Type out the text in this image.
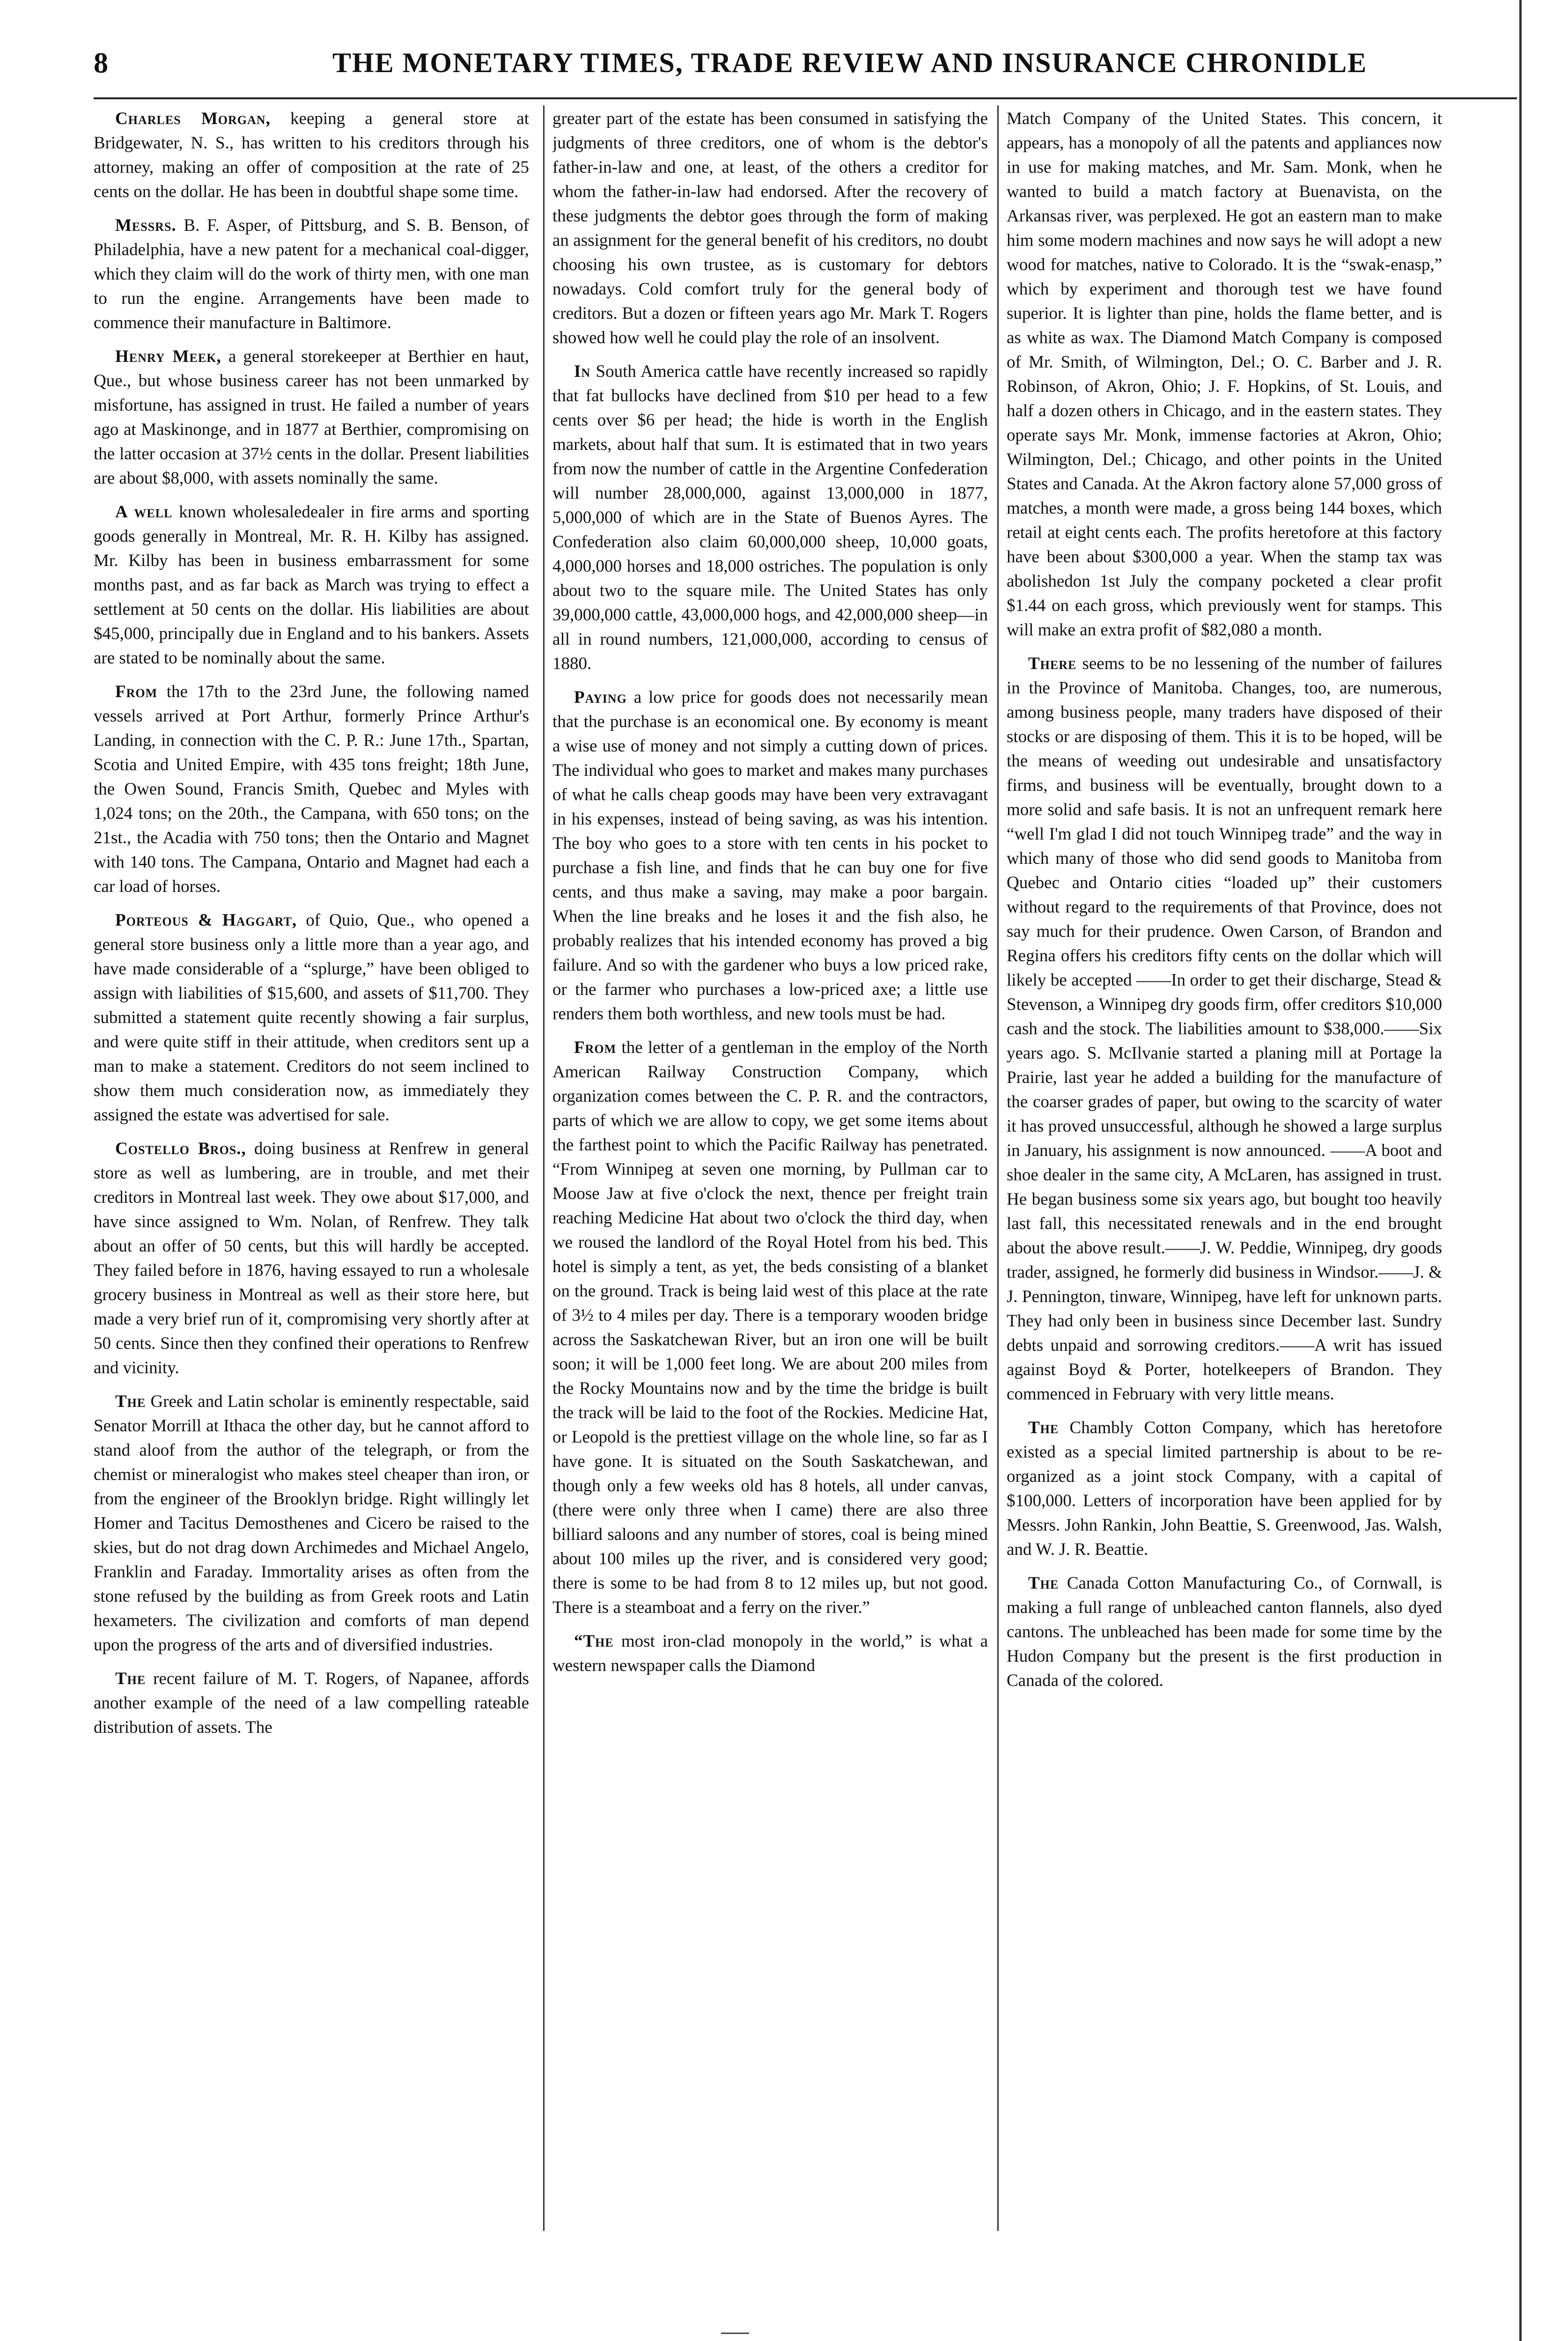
8	THE MONETARY TIMES, TRADE REVIEW AND INSURANCE CHRONIDLE

Charles Morgan, keeping a general store at Bridgewater, N. S., has written to his creditors through his attorney, making an offer of composition at the rate of 25 cents on the dollar. He has been in doubtful shape some time.

Messrs. B. F. Asper, of Pittsburg, and S. B. Benson, of Philadelphia, have a new patent for a mechanical coal-digger, which they claim will do the work of thirty men, with one man to run the engine. Arrangements have been made to commence their manufacture in Baltimore.

Henry Meek, a general storekeeper at Berthier en haut, Que., but whose business career has not been unmarked by misfortune, has assigned in trust. He failed a number of years ago at Maskinonge, and in 1877 at Berthier, compromising on the latter occasion at 37½ cents in the dollar. Present liabilities are about $8,000, with assets nominally the same.

A well known wholesaledealer in fire arms and sporting goods generally in Montreal, Mr. R. H. Kilby has assigned. Mr. Kilby has been in business embarrassment for some months past, and as far back as March was trying to effect a settlement at 50 cents on the dollar. His liabilities are about $45,000, principally due in England and to his bankers. Assets are stated to be nominally about the same.

From the 17th to the 23rd June, the following named vessels arrived at Port Arthur, formerly Prince Arthur's Landing, in connection with the C. P. R.: June 17th., Spartan, Scotia and United Empire, with 435 tons freight; 18th June, the Owen Sound, Francis Smith, Quebec and Myles with 1,024 tons; on the 20th., the Campana, with 650 tons; on the 21st., the Acadia with 750 tons; then the Ontario and Magnet with 140 tons. The Campana, Ontario and Magnet had each a car load of horses.

Porteous & Haggart, of Quio, Que., who opened a general store business only a little more than a year ago, and have made considerable of a “splurge,” have been obliged to assign with liabilities of $15,600, and assets of $11,700. They submitted a statement quite recently showing a fair surplus, and were quite stiff in their attitude, when creditors sent up a man to make a statement. Creditors do not seem inclined to show them much consideration now, as immediately they assigned the estate was advertised for sale.

Costello Bros., doing business at Renfrew in general store as well as lumbering, are in trouble, and met their creditors in Montreal last week. They owe about $17,000, and have since assigned to Wm. Nolan, of Renfrew. They talk about an offer of 50 cents, but this will hardly be accepted. They failed before in 1876, having essayed to run a wholesale grocery business in Montreal as well as their store here, but made a very brief run of it, compromising very shortly after at 50 cents. Since then they confined their operations to Renfrew and vicinity.

The Greek and Latin scholar is eminently respectable, said Senator Morrill at Ithaca the other day, but he cannot afford to stand aloof from the author of the telegraph, or from the chemist or mineralogist who makes steel cheaper than iron, or from the engineer of the Brooklyn bridge. Right willingly let Homer and Tacitus Demosthenes and Cicero be raised to the skies, but do not drag down Archimedes and Michael Angelo, Franklin and Faraday. Immortality arises as often from the stone refused by the building as from Greek roots and Latin hexameters. The civilization and comforts of man depend upon the progress of the arts and of diversified industries.

The recent failure of M. T. Rogers, of Napanee, affords another example of the need of a law compelling rateable distribution of assets. The

greater part of the estate has been consumed in satisfying the judgments of three creditors, one of whom is the debtor's father-in-law and one, at least, of the others a creditor for whom the father-in-law had endorsed. After the recovery of these judgments the debtor goes through the form of making an assignment for the general benefit of his creditors, no doubt choosing his own trustee, as is customary for debtors nowadays. Cold comfort truly for the general body of creditors. But a dozen or fifteen years ago Mr. Mark T. Rogers showed how well he could play the role of an insolvent.

In South America cattle have recently increased so rapidly that fat bullocks have declined from $10 per head to a few cents over $6 per head; the hide is worth in the English markets, about half that sum. It is estimated that in two years from now the number of cattle in the Argentine Confederation will number 28,000,000, against 13,000,000 in 1877, 5,000,000 of which are in the State of Buenos Ayres. The Confederation also claim 60,000,000 sheep, 10,000 goats, 4,000,000 horses and 18,000 ostriches. The population is only about two to the square mile. The United States has only 39,000,000 cattle, 43,000,000 hogs, and 42,000,000 sheep—in all in round numbers, 121,000,000, according to census of 1880.

Paying a low price for goods does not necessarily mean that the purchase is an economical one. By economy is meant a wise use of money and not simply a cutting down of prices. The individual who goes to market and makes many purchases of what he calls cheap goods may have been very extravagant in his expenses, instead of being saving, as was his intention. The boy who goes to a store with ten cents in his pocket to purchase a fish line, and finds that he can buy one for five cents, and thus make a saving, may make a poor bargain. When the line breaks and he loses it and the fish also, he probably realizes that his intended economy has proved a big failure. And so with the gardener who buys a low priced rake, or the farmer who purchases a low-priced axe; a little use renders them both worthless, and new tools must be had.

From the letter of a gentleman in the employ of the North American Railway Construction Company, which organization comes between the C. P. R. and the contractors, parts of which we are allow to copy, we get some items about the farthest point to which the Pacific Railway has penetrated. “From Winnipeg at seven one morning, by Pullman car to Moose Jaw at five o'clock the next, thence per freight train reaching Medicine Hat about two o'clock the third day, when we roused the landlord of the Royal Hotel from his bed. This hotel is simply a tent, as yet, the beds consisting of a blanket on the ground. Track is being laid west of this place at the rate of 3½ to 4 miles per day. There is a temporary wooden bridge across the Saskatchewan River, but an iron one will be built soon; it will be 1,000 feet long. We are about 200 miles from the Rocky Mountains now and by the time the bridge is built the track will be laid to the foot of the Rockies. Medicine Hat, or Leopold is the prettiest village on the whole line, so far as I have gone. It is situated on the South Saskatchewan, and though only a few weeks old has 8 hotels, all under canvas, (there were only three when I came) there are also three billiard saloons and any number of stores, coal is being mined about 100 miles up the river, and is considered very good; there is some to be had from 8 to 12 miles up, but not good. There is a steamboat and a ferry on the river.”

“The most iron-clad monopoly in the world,” is what a western newspaper calls the Diamond

Match Company of the United States. This concern, it appears, has a monopoly of all the patents and appliances now in use for making matches, and Mr. Sam. Monk, when he wanted to build a match factory at Buenavista, on the Arkansas river, was perplexed. He got an eastern man to make him some modern machines and now says he will adopt a new wood for matches, native to Colorado. It is the “swak-enasp,” which by experiment and thorough test we have found superior. It is lighter than pine, holds the flame better, and is as white as wax. The Diamond Match Company is composed of Mr. Smith, of Wilmington, Del.; O. C. Barber and J. R. Robinson, of Akron, Ohio; J. F. Hopkins, of St. Louis, and half a dozen others in Chicago, and in the eastern states. They operate says Mr. Monk, immense factories at Akron, Ohio; Wilmington, Del.; Chicago, and other points in the United States and Canada. At the Akron factory alone 57,000 gross of matches, a month were made, a gross being 144 boxes, which retail at eight cents each. The profits heretofore at this factory have been about $300,000 a year. When the stamp tax was abolishedon 1st July the company pocketed a clear profit $1.44 on each gross, which previously went for stamps. This will make an extra profit of $82,080 a month.

There seems to be no lessening of the number of failures in the Province of Manitoba. Changes, too, are numerous, among business people, many traders have disposed of their stocks or are disposing of them. This it is to be hoped, will be the means of weeding out undesirable and unsatisfactory firms, and business will be eventually, brought down to a more solid and safe basis. It is not an unfrequent remark here “well I'm glad I did not touch Winnipeg trade” and the way in which many of those who did send goods to Manitoba from Quebec and Ontario cities “loaded up” their customers without regard to the requirements of that Province, does not say much for their prudence. Owen Carson, of Brandon and Regina offers his creditors fifty cents on the dollar which will likely be accepted ——In order to get their discharge, Stead & Stevenson, a Winnipeg dry goods firm, offer creditors $10,000 cash and the stock. The liabilities amount to $38,000.——Six years ago. S. McIlvanie started a planing mill at Portage la Prairie, last year he added a building for the manufacture of the coarser grades of paper, but owing to the scarcity of water it has proved unsuccessful, although he showed a large surplus in January, his assignment is now announced. ——A boot and shoe dealer in the same city, A McLaren, has assigned in trust. He began business some six years ago, but bought too heavily last fall, this necessitated renewals and in the end brought about the above result.——J. W. Peddie, Winnipeg, dry goods trader, assigned, he formerly did business in Windsor.——J. & J. Pennington, tinware, Winnipeg, have left for unknown parts. They had only been in business since December last. Sundry debts unpaid and sorrowing creditors.——A writ has issued against Boyd & Porter, hotelkeepers of Brandon. They commenced in February with very little means.

The Chambly Cotton Company, which has heretofore existed as a special limited partnership is about to be re-organized as a joint stock Company, with a capital of $100,000. Letters of incorporation have been applied for by Messrs. John Rankin, John Beattie, S. Greenwood, Jas. Walsh, and W. J. R. Beattie.

The Canada Cotton Manufacturing Co., of Cornwall, is making a full range of unbleached canton flannels, also dyed cantons. The unbleached has been made for some time by the Hudon Company but the present is the first production in Canada of the colored.
